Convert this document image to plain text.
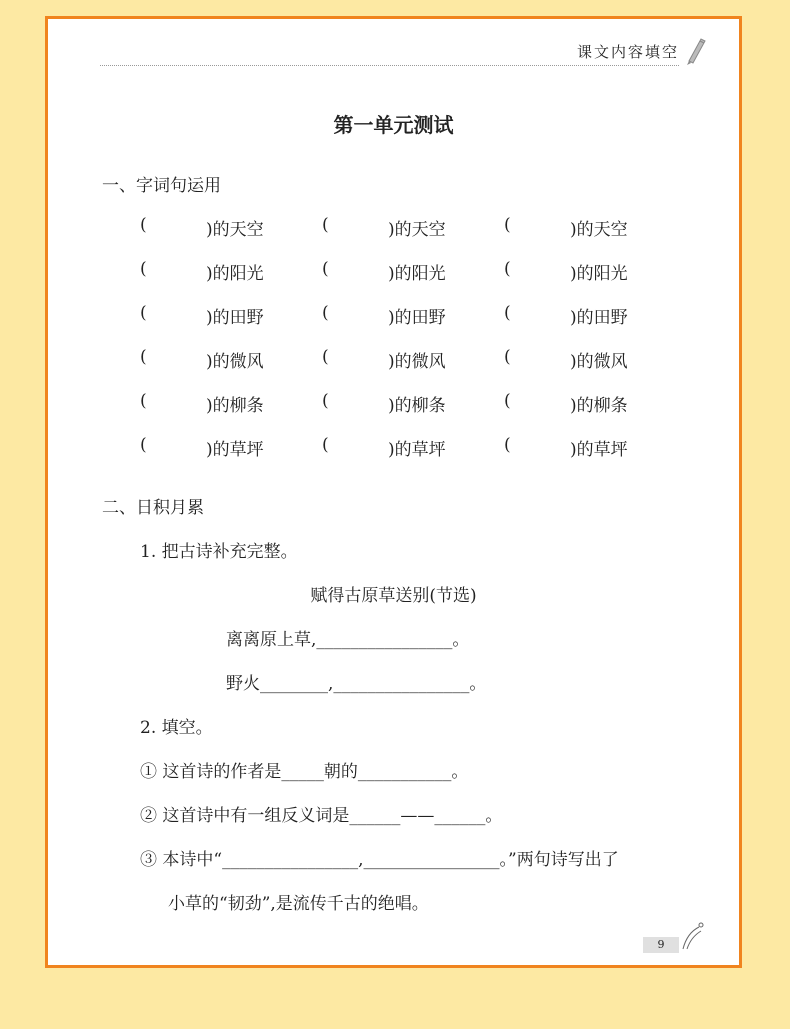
课文内容填空
第一单元测试
一、字词句运用
(	)的天空	(	)的天空	(	)的天空
(	)的阳光	(	)的阳光	(	)的阳光
(	)的田野	(	)的田野	(	)的田野
(	)的微风	(	)的微风	(	)的微风
(	)的柳条	(	)的柳条	(	)的柳条
(	)的草坪	(	)的草坪	(	)的草坪
二、日积月累
1. 把古诗补充完整。
赋得古原草送别(节选)
离离原上草,________________。
野火________,________________。
2. 填空。
① 这首诗的作者是_____朝的___________。
② 这首诗中有一组反义词是______——______。
③ 本诗中“________________,________________。”两句诗写出了
小草的“韧劲”,是流传千古的绝唱。
9
